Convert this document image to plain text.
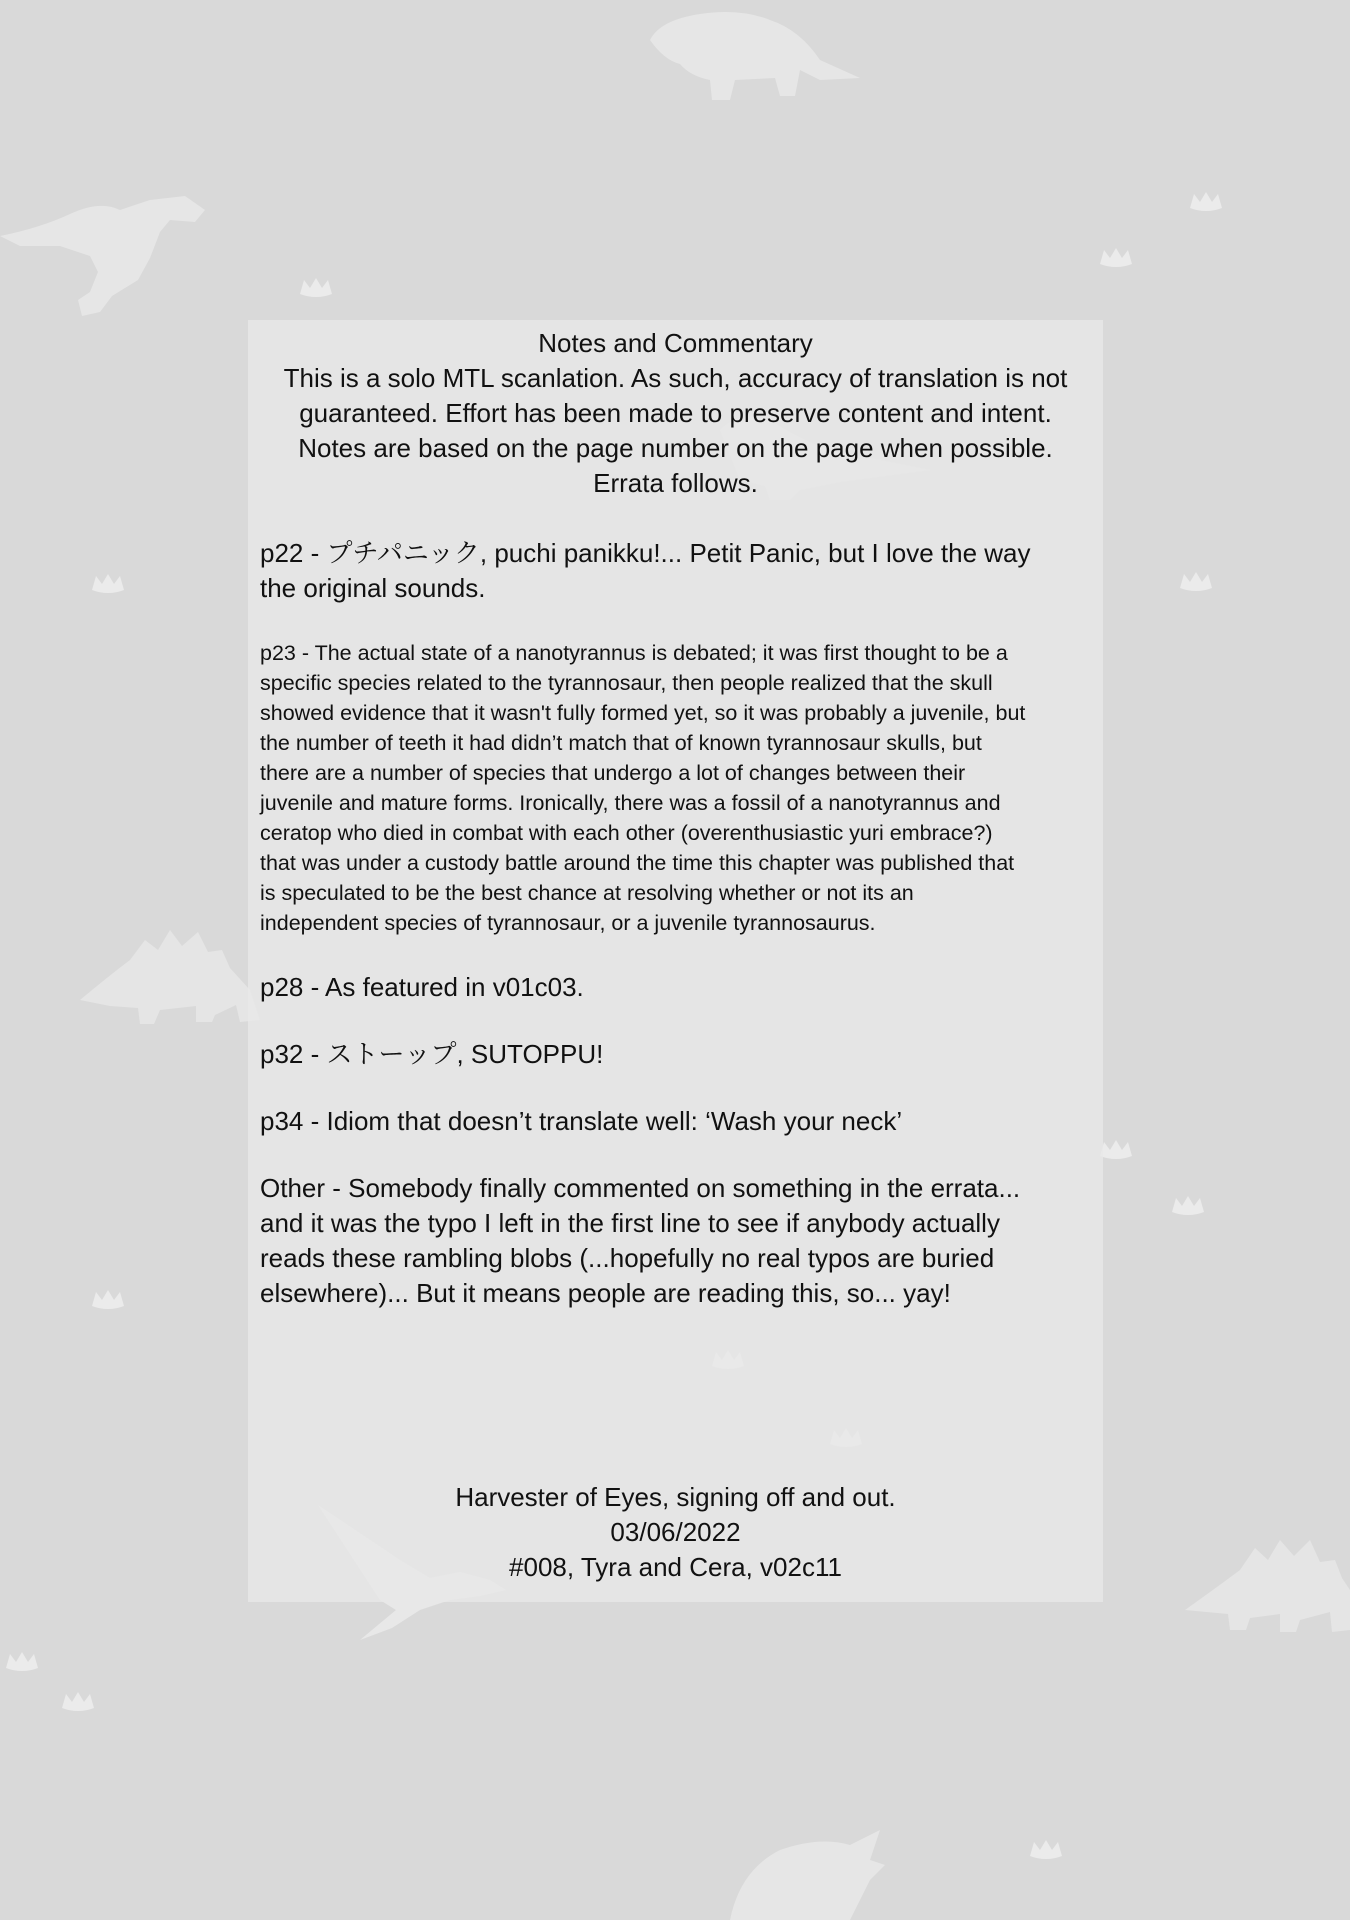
Notes and Commentary
This is a solo MTL scanlation. As such, accuracy of translation is not
guaranteed. Effort has been made to preserve content and intent.
Notes are based on the page number on the page when possible.
Errata follows.
p22 - プチパニック, puchi panikku!... Petit Panic, but I love the way
the original sounds.
p23 - The actual state of a nanotyrannus is debated; it was first thought to be a
specific species related to the tyrannosaur, then people realized that the skull
showed evidence that it wasn't fully formed yet, so it was probably a juvenile, but
the number of teeth it had didn’t match that of known tyrannosaur skulls, but
there are a number of species that undergo a lot of changes between their
juvenile and mature forms. Ironically, there was a fossil of a nanotyrannus and
ceratop who died in combat with each other (overenthusiastic yuri embrace?)
that was under a custody battle around the time this chapter was published that
is speculated to be the best chance at resolving whether or not its an
independent species of tyrannosaur, or a juvenile tyrannosaurus.
p28 - As featured in v01c03.
p32 - ストーップ, SUTOPPU!
p34 - Idiom that doesn’t translate well: ‘Wash your neck’
Other - Somebody finally commented on something in the errata...
and it was the typo I left in the first line to see if anybody actually
reads these rambling blobs (...hopefully no real typos are buried
elsewhere)... But it means people are reading this, so... yay!
Harvester of Eyes, signing off and out.
03/06/2022
#008, Tyra and Cera, v02c11
